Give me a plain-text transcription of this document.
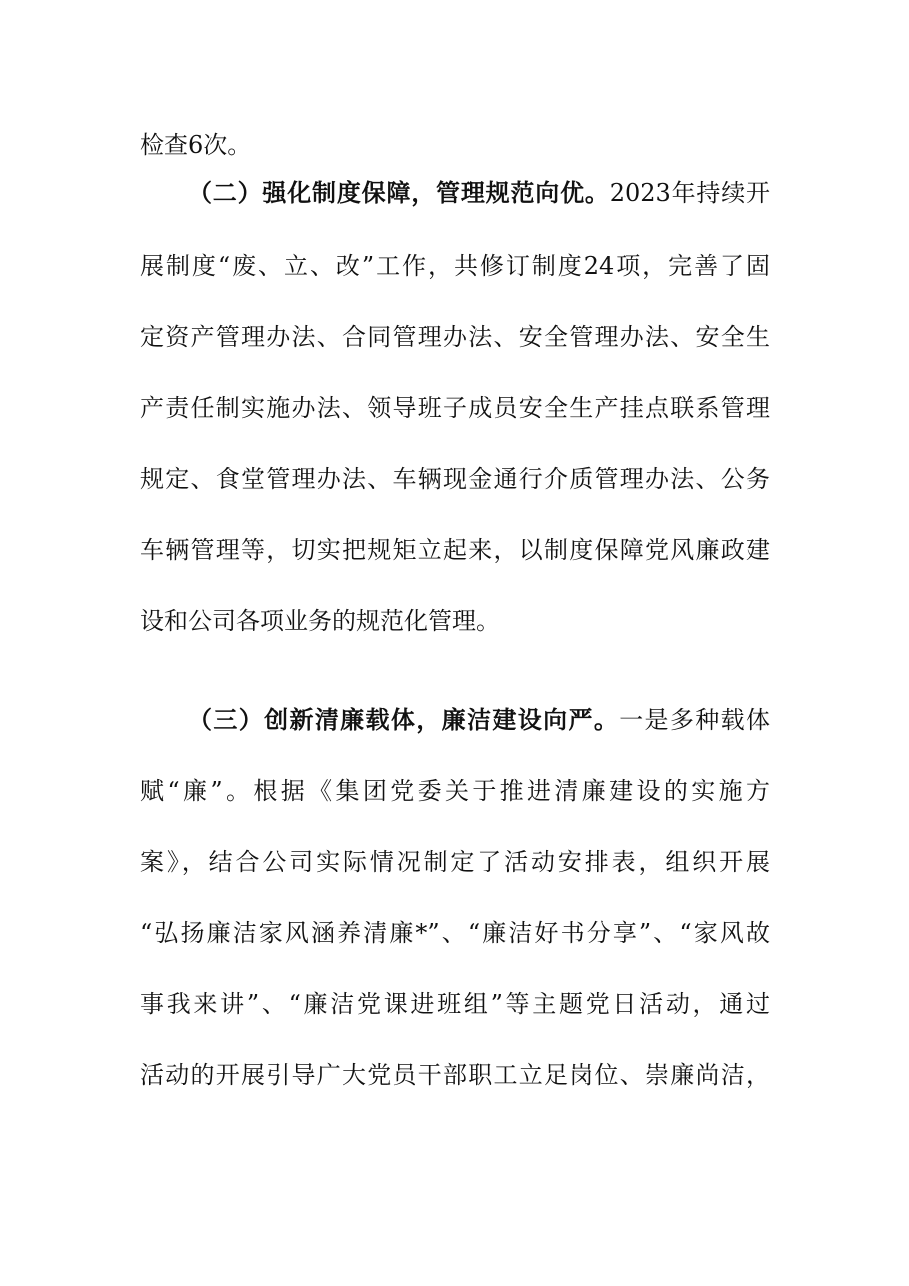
检查6次。
（二）强化制度保障，管理规范向优。2023年持续开
展制度“废、立、改”工作，共修订制度24项，完善了固
定资产管理办法、合同管理办法、安全管理办法、安全生
产责任制实施办法、领导班子成员安全生产挂点联系管理
规定、食堂管理办法、车辆现金通行介质管理办法、公务
车辆管理等，切实把规矩立起来，以制度保障党风廉政建
设和公司各项业务的规范化管理。
（三）创新清廉载体，廉洁建设向严。一是多种载体
赋“廉”。根据《集团党委关于推进清廉建设的实施方
案》，结合公司实际情况制定了活动安排表，组织开展
“弘扬廉洁家风涵养清廉*”、“廉洁好书分享”、“家风故
事我来讲”、“廉洁党课进班组”等主题党日活动，通过
活动的开展引导广大党员干部职工立足岗位、崇廉尚洁，
